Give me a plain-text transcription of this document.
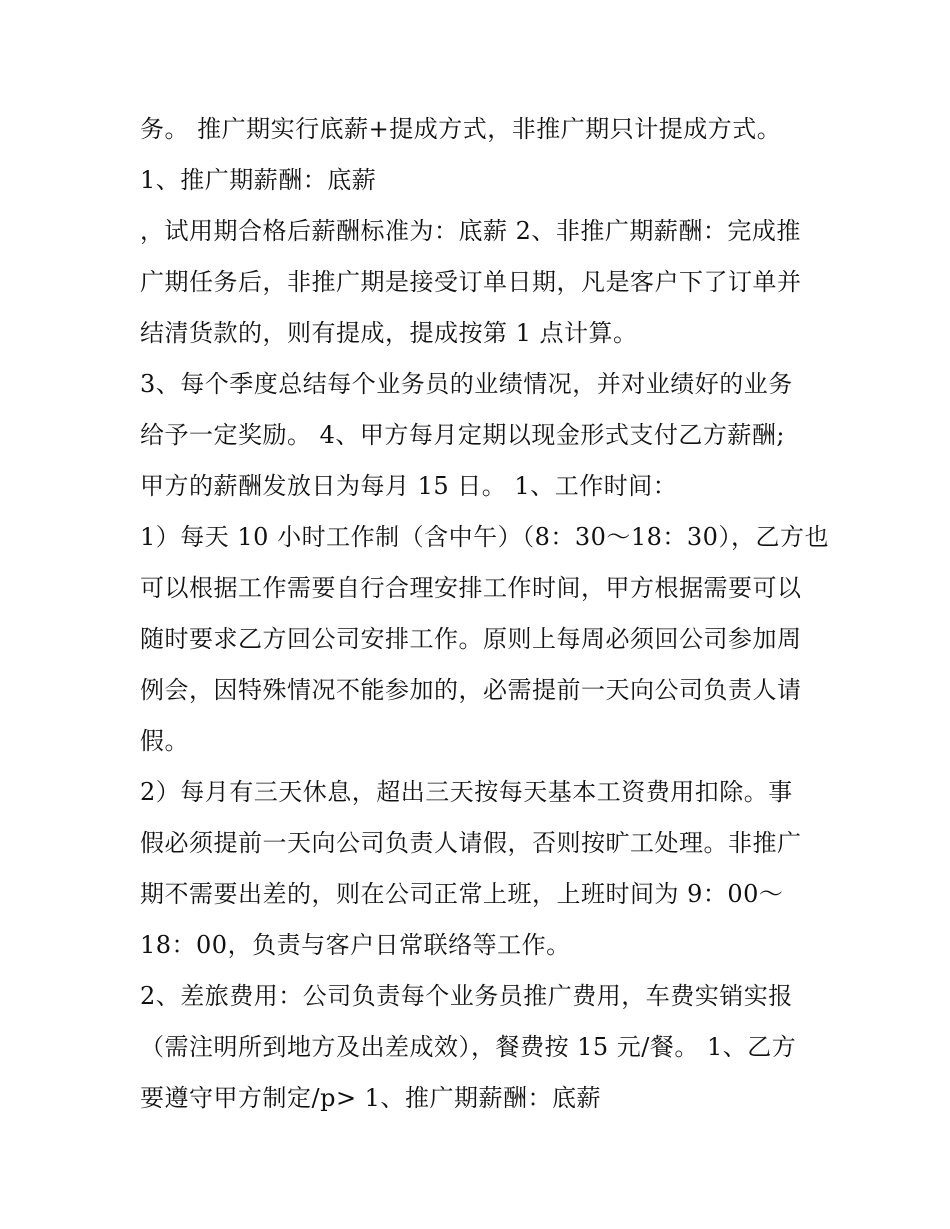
务。 推广期实行底薪+提成方式，非推广期只计提成方式。
1、推广期薪酬：底薪
，试用期合格后薪酬标准为：底薪 2、非推广期薪酬：完成推
广期任务后，非推广期是接受订单日期，凡是客户下了订单并
结清货款的，则有提成，提成按第 1 点计算。
3、每个季度总结每个业务员的业绩情况，并对业绩好的业务
给予一定奖励。 4、甲方每月定期以现金形式支付乙方薪酬;
甲方的薪酬发放日为每月 15 日。 1、工作时间：
1）每天 10 小时工作制（含中午）（8：30～18：30），乙方也
可以根据工作需要自行合理安排工作时间，甲方根据需要可以
随时要求乙方回公司安排工作。原则上每周必须回公司参加周
例会，因特殊情况不能参加的，必需提前一天向公司负责人请
假。
2）每月有三天休息，超出三天按每天基本工资费用扣除。事
假必须提前一天向公司负责人请假，否则按旷工处理。非推广
期不需要出差的，则在公司正常上班，上班时间为 9：00～
18：00，负责与客户日常联络等工作。
2、差旅费用：公司负责每个业务员推广费用，车费实销实报
（需注明所到地方及出差成效），餐费按 15 元/餐。 1、乙方
要遵守甲方制定/p> 1、推广期薪酬：底薪
